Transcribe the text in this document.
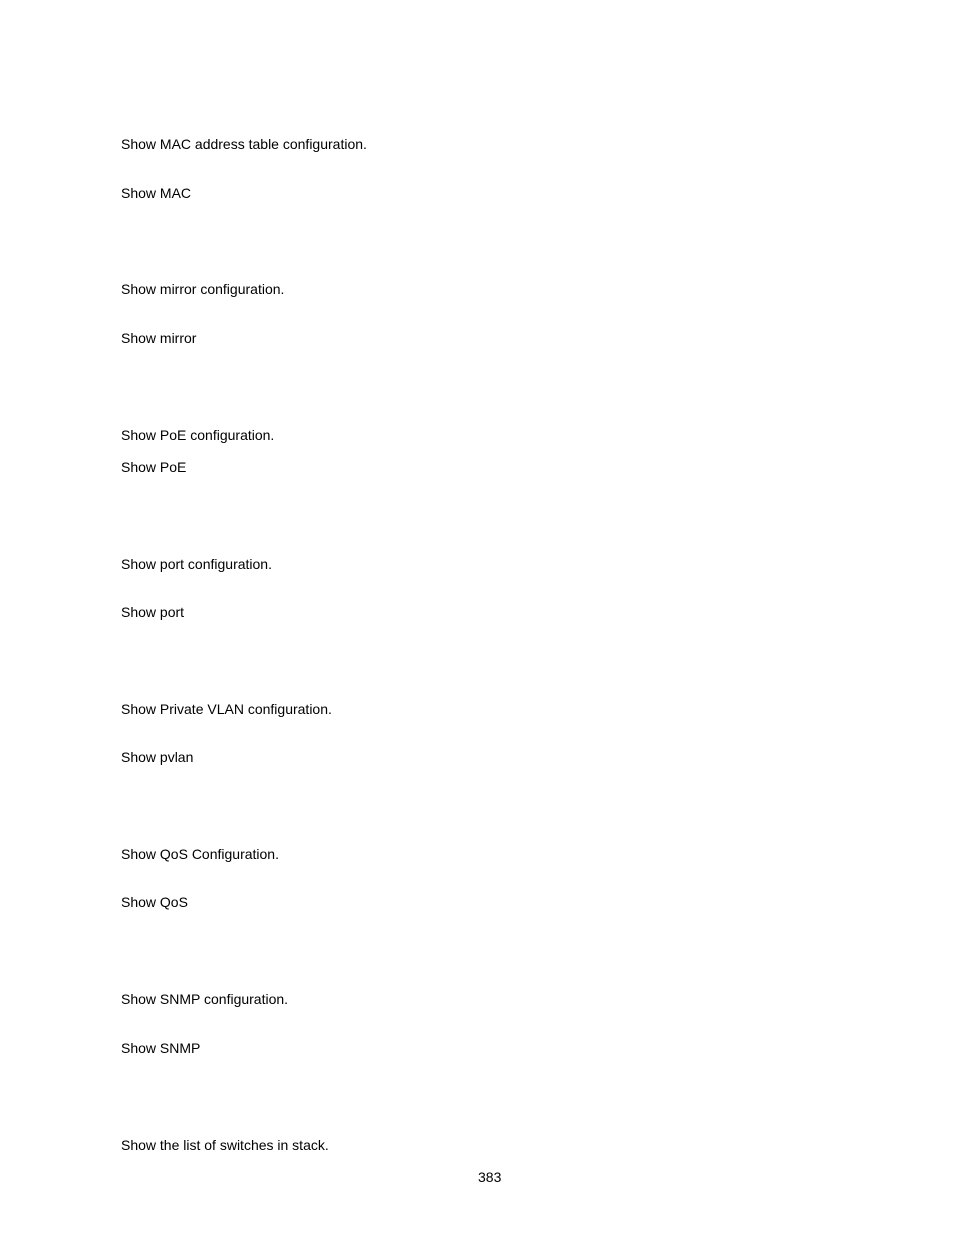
Show MAC address table configuration.
Show MAC
Show mirror configuration.
Show mirror
Show PoE configuration.
Show PoE
Show port configuration.
Show port
Show Private VLAN configuration.
Show pvlan
Show QoS Configuration.
Show QoS
Show SNMP configuration.
Show SNMP
Show the list of switches in stack.
383
